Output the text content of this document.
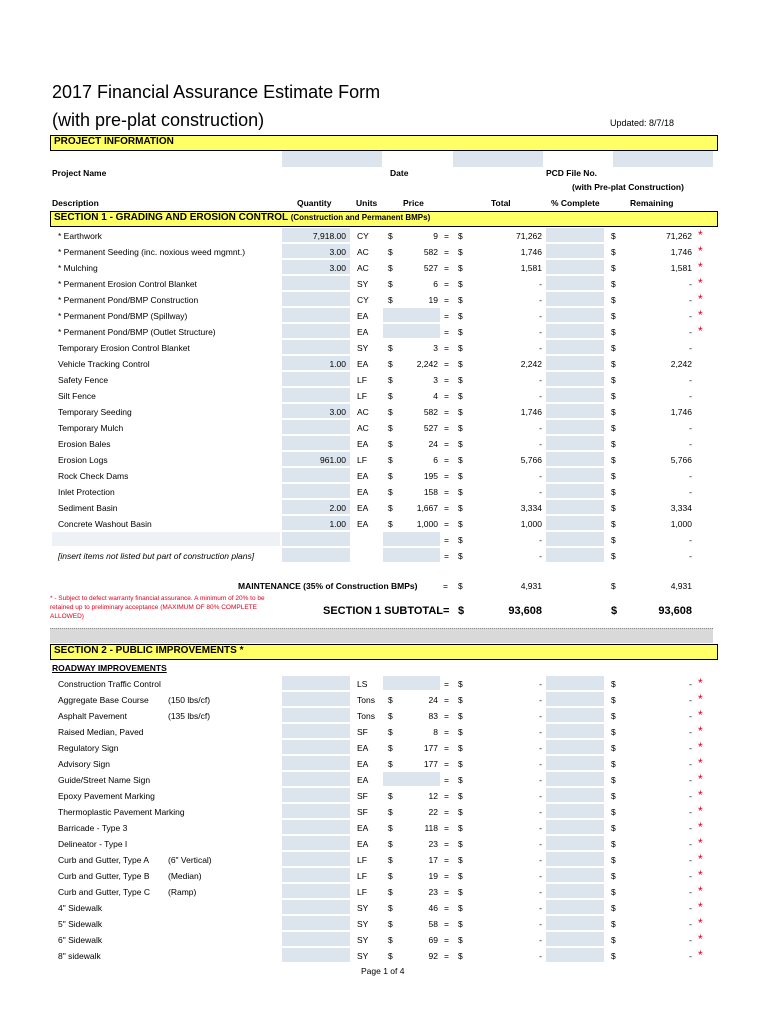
2017 Financial Assurance Estimate Form
(with pre-plat construction)	Updated: 8/7/18
PROJECT INFORMATION
Project Name	Date	PCD File No.
(with Pre-plat Construction)
Description	Quantity	Units	Price	Total	% Complete	Remaining
SECTION 1 - GRADING AND EROSION CONTROL (Construction and Permanent BMPs)
* Earthwork	7,918.00 CY $	9 = $	71,262	$	71,262 *
* Permanent Seeding (inc. noxious weed mgmnt.)	3.00 AC $	582 = $	1,746	$	1,746 *
* Mulching	3.00 AC $	527 = $	1,581	$	1,581 *
* Permanent Erosion Control Blanket	SY $	6 = $	-	$	- *
* Permanent Pond/BMP Construction	CY $	19 = $	-	$	- *
* Permanent Pond/BMP (Spillway)	EA	= $	-	$	- *
* Permanent Pond/BMP (Outlet Structure)	EA	= $	-	$	- *
Temporary Erosion Control Blanket	SY $	3 = $	-	$	-
Vehicle Tracking Control	1.00 EA $	2,242 = $	2,242	$	2,242
Safety Fence	LF $	3 = $	-	$	-
Silt Fence	LF $	4 = $	-	$	-
Temporary Seeding	3.00 AC $	582 = $	1,746	$	1,746
Temporary Mulch	AC $	527 = $	-	$	-
Erosion Bales	EA $	24 = $	-	$	-
Erosion Logs	961.00 LF $	6 = $	5,766	$	5,766
Rock Check Dams	EA $	195 = $	-	$	-
Inlet Protection	EA $	158 = $	-	$	-
Sediment Basin	2.00 EA $	1,667 = $	3,334	$	3,334
Concrete Washout Basin	1.00 EA $	1,000 = $	1,000	$	1,000
= $	-	$	-
[insert items not listed but part of construction plans]	= $	-	$	-
MAINTENANCE (35% of Construction BMPs)	= $	4,931	$	4,931
* - Subject to defect warranty financial assurance. A minimum of 20% to be retained up to preliminary acceptance (MAXIMUM OF 80% COMPLETE ALLOWED)	SECTION 1 SUBTOTAL = $	93,608	$	93,608
SECTION 2 - PUBLIC IMPROVEMENTS *
ROADWAY IMPROVEMENTS
Construction Traffic Control	LS	= $	-	$	- *
Aggregate Base Course (150 lbs/cf)	Tons $	24 = $	-	$	- *
Asphalt Pavement	(135 lbs/cf)	Tons $	83 = $	-	$	- *
Raised Median, Paved	SF $	8 = $	-	$	- *
Regulatory Sign	EA $	177 = $	-	$	- *
Advisory Sign	EA $	177 = $	-	$	- *
Guide/Street Name Sign	EA	= $	-	$	- *
Epoxy Pavement Marking	SF $	12 = $	-	$	- *
Thermoplastic Pavement Marking	SF $	22 = $	-	$	- *
Barricade - Type 3	EA $	118 = $	-	$	- *
Delineator - Type I	EA $	23 = $	-	$	- *
Curb and Gutter, Type A (6" Vertical)	LF $	17 = $	-	$	- *
Curb and Gutter, Type B (Median)	LF $	19 = $	-	$	- *
Curb and Gutter, Type C (Ramp)	LF $	23 = $	-	$	- *
4" Sidewalk	SY $	46 = $	-	$	- *
5" Sidewalk	SY $	58 = $	-	$	- *
6" Sidewalk	SY $	69 = $	-	$	- *
8" sidewalk	SY $	92 = $	-	$	- *
Page 1 of 4
